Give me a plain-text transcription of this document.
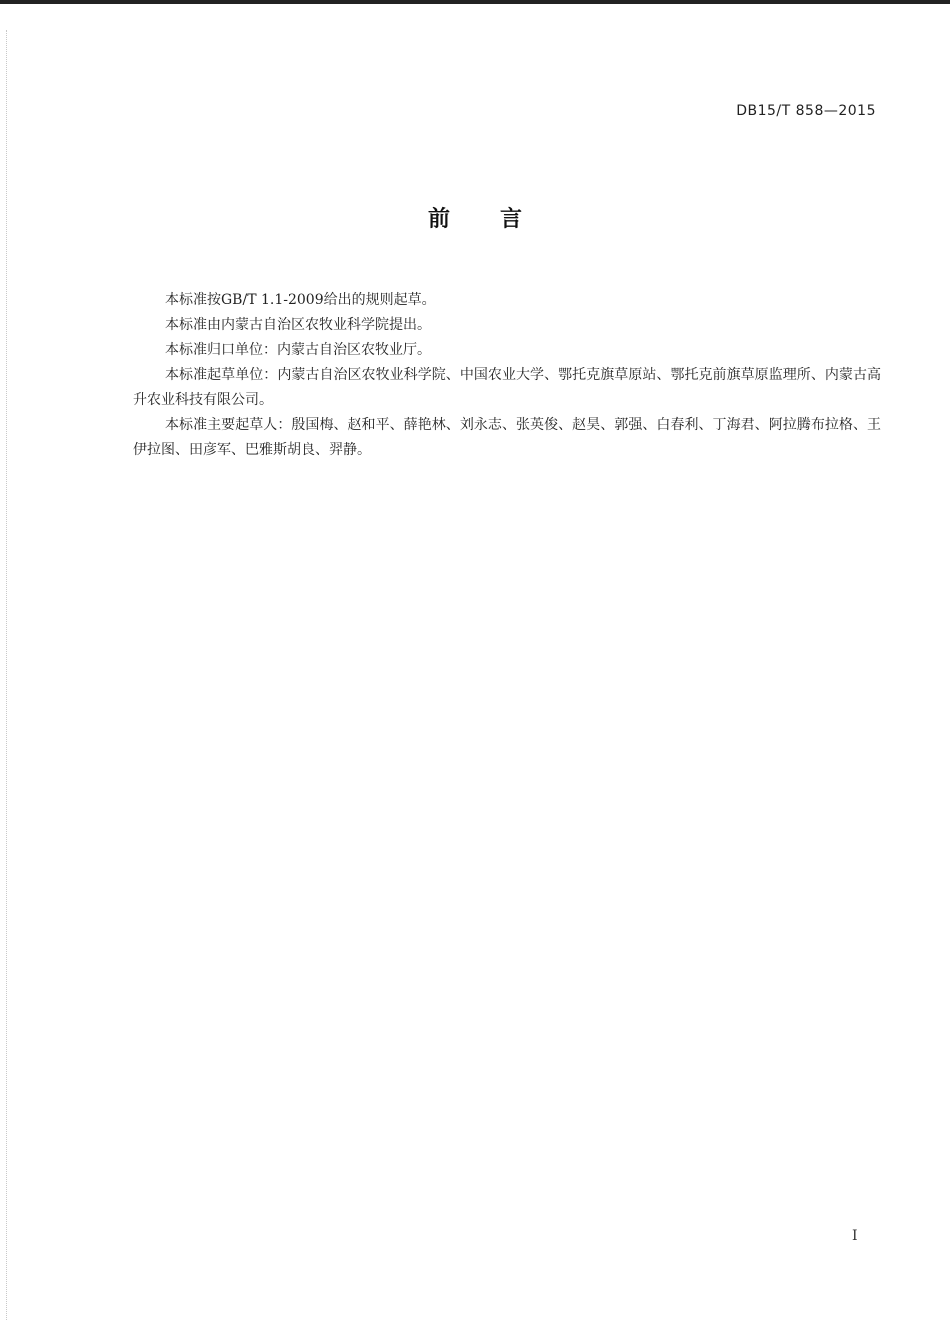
DB15/T 858—2015
前言

本标准按GB/T 1.1-2009给出的规则起草。

本标准由内蒙古自治区农牧业科学院提出。

本标准归口单位：内蒙古自治区农牧业厅。

本标准起草单位：内蒙古自治区农牧业科学院、中国农业大学、鄂托克旗草原站、鄂托克前旗草原监理所、内蒙古高升农业科技有限公司。

本标准主要起草人：殷国梅、赵和平、薛艳林、刘永志、张英俊、赵昊、郭强、白春利、丁海君、阿拉腾布拉格、王伊拉图、田彦军、巴雅斯胡良、羿静。

I
